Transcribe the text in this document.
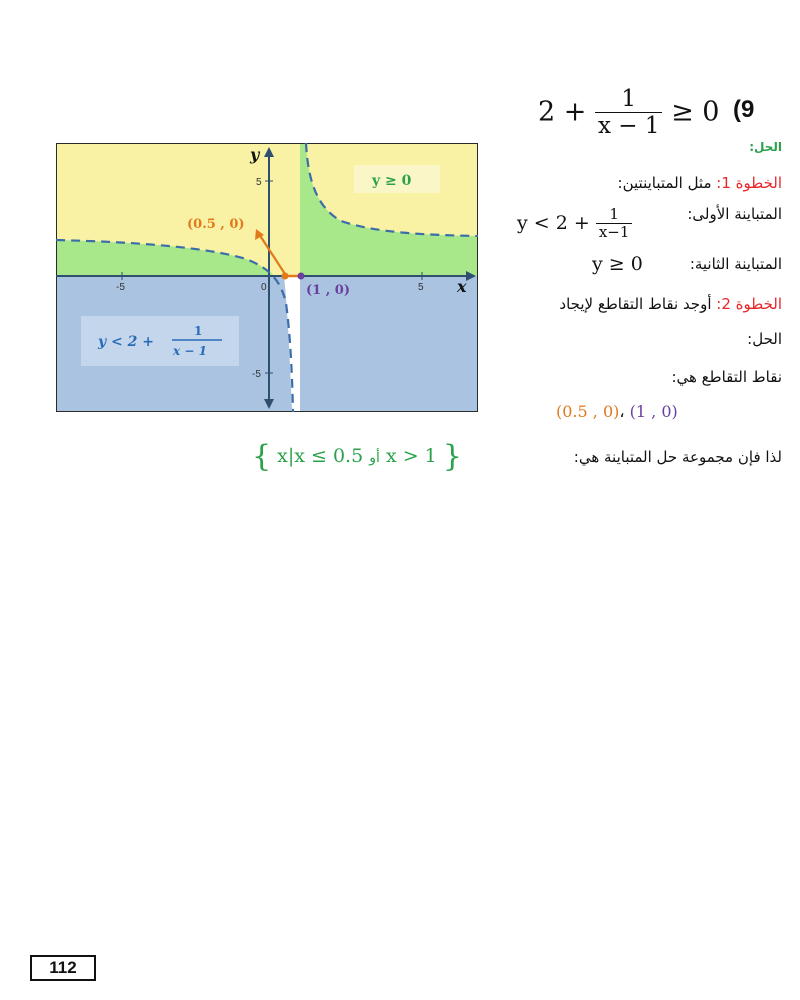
$2 + \frac{1}{x - 1} \ge 0$ (9
الحل:
الخطوة 1: مثل المتباينتين:
المتباينة الأولى:
$y < 2 + \frac{1}{x-1}$
المتباينة الثانية:
y ≥ 0
الخطوة 2: أوجد نقاط التقاطع لإيجاد
الحل:
نقاط التقاطع هي:
(0.5 , 0)، (1 , 0)
لذا فإن مجموعة حل المتباينة هي:
{ x|x ≤ 0.5 أو x > 1 }
-5	0	5
5
-5
y
x
y ≥ 0
y < 2 +
1
x − 1
(0.5 , 0)
(1 , 0)
112
